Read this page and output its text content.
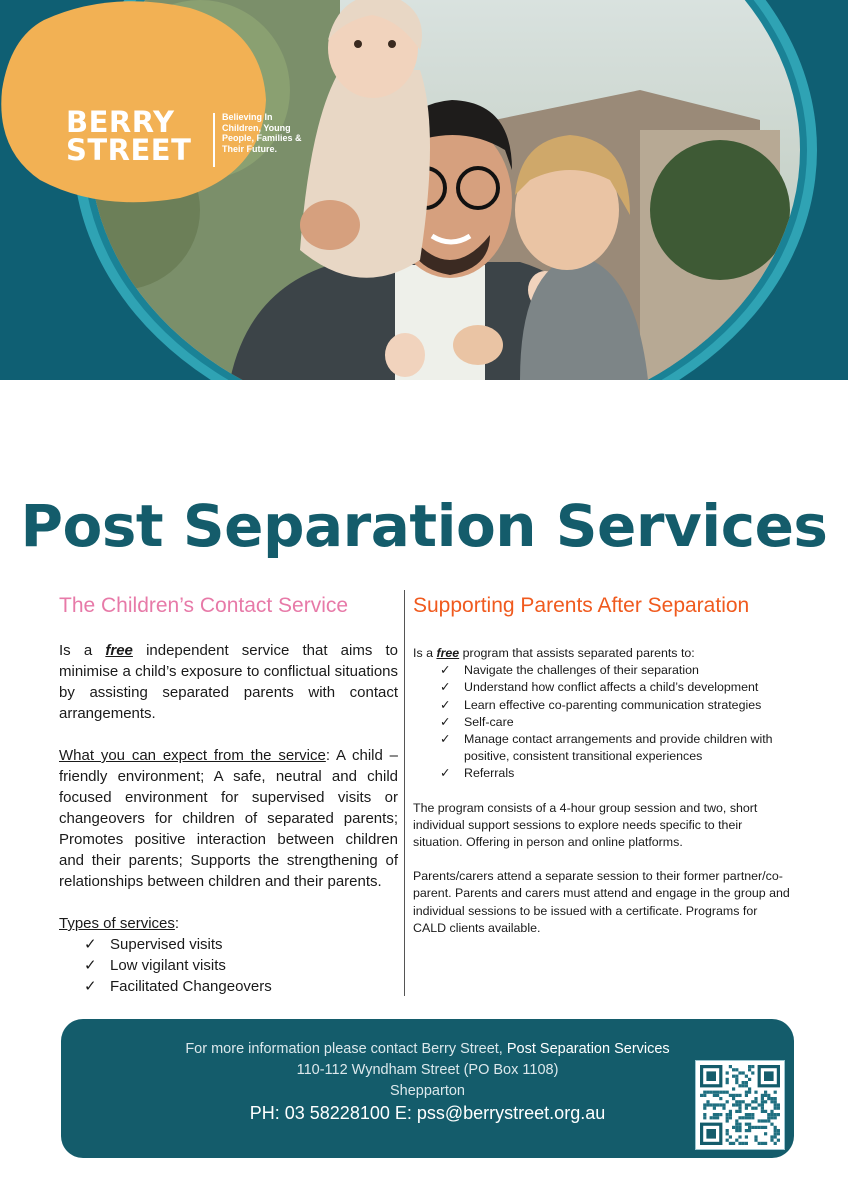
BERRY
STREET
Believing In Children, Young People, Families & Their Future.
Post Separation Services
The Children’s Contact Service

Is a free independent service that aims to minimise a child’s exposure to conflictual situations by assisting separated parents with contact arrangements.

What you can expect from the service: A child – friendly environment; A safe, neutral and child focused environment for supervised visits or changeovers for children of separated parents; Promotes positive interaction between children and their parents; Supports the strengthening of relationships between children and their parents.

Types of services:

✓ Supervised visits
✓ Low vigilant visits
✓ Facilitated Changeovers
Supporting Parents After Separation

Is a free program that assists separated parents to:

✓ Navigate the challenges of their separation
✓ Understand how conflict affects a child’s development
✓ Learn effective co-parenting communication strategies
✓ Self-care
✓ Manage contact arrangements and provide children with positive, consistent transitional experiences
✓ Referrals

The program consists of a 4-hour group session and two, short individual support sessions to explore needs specific to their situation. Offering in person and online platforms.

Parents/carers attend a separate session to their former partner/co-parent. Parents and carers must attend and engage in the group and individual sessions to be issued with a certificate. Programs for CALD clients available.

For more information please contact Berry Street, Post Separation Services
110-112 Wyndham Street (PO Box 1108)
Shepparton
PH: 03 58228100 E: pss@berrystreet.org.au
